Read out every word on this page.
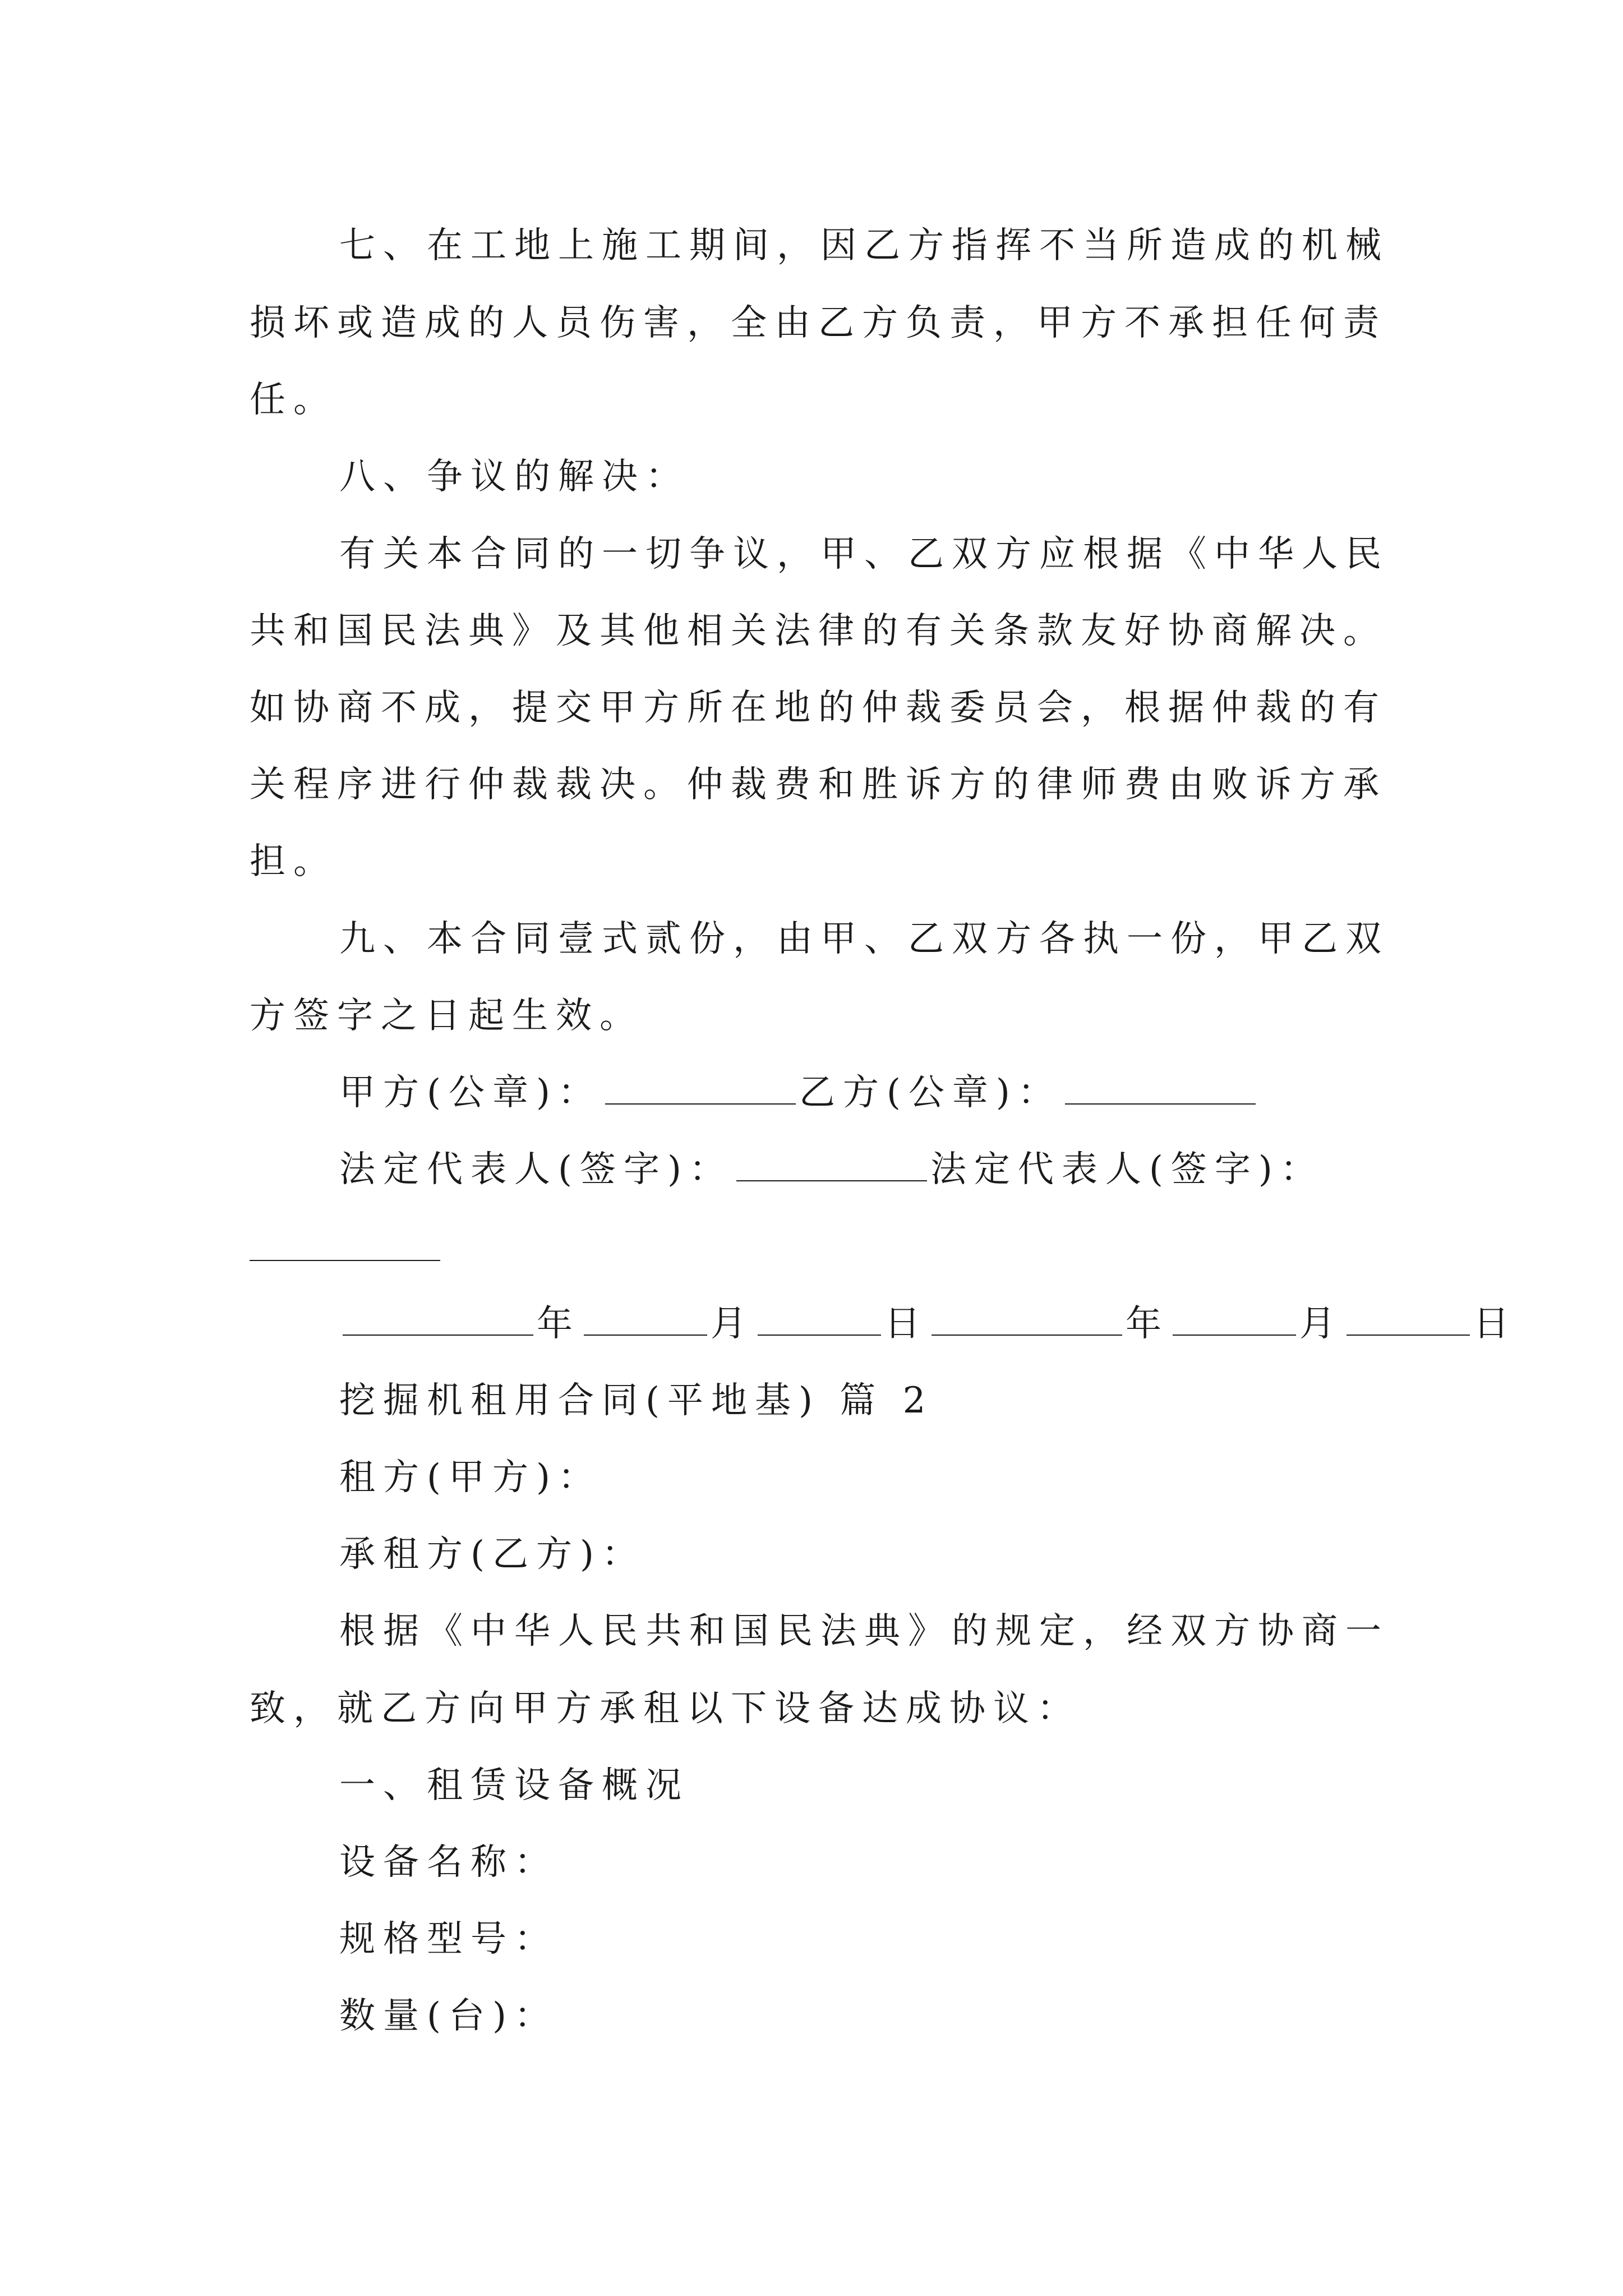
七、在工地上施工期间，因乙方指挥不当所造成的机械
损坏或造成的人员伤害，全由乙方负责，甲方不承担任何责
任。
八、争议的解决：
有关本合同的一切争议，甲、乙双方应根据《中华人民
共和国民法典》及其他相关法律的有关条款友好协商解决。
如协商不成，提交甲方所在地的仲裁委员会，根据仲裁的有
关程序进行仲裁裁决。仲裁费和胜诉方的律师费由败诉方承
担。
九、本合同壹式贰份，由甲、乙双方各执一份，甲乙双
方签字之日起生效。
甲方(公章)：	乙方(公章)：
法定代表人(签字)：	法定代表人(签字)：
年	月	日	年	月	日
挖掘机租用合同(平地基) 篇 2
租方(甲方)：
承租方(乙方)：
根据《中华人民共和国民法典》的规定，经双方协商一
致，就乙方向甲方承租以下设备达成协议：
一、租赁设备概况
设备名称：
规格型号：
数量(台)：
